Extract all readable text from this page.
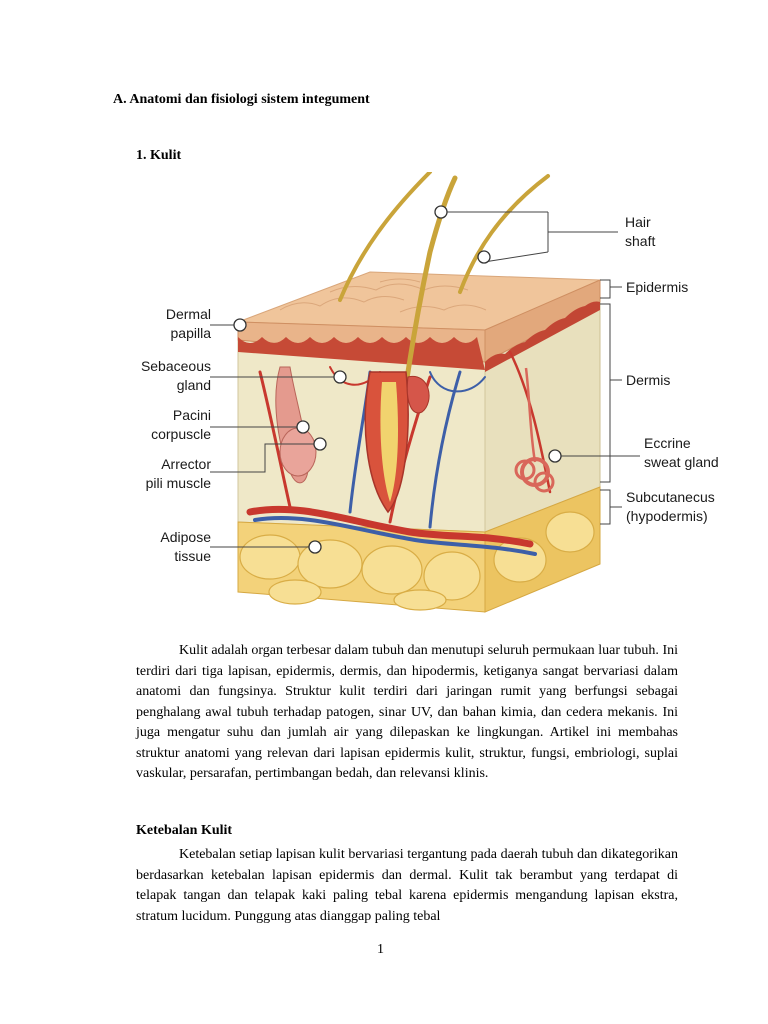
A. Anatomi dan fisiologi sistem integument
1. Kulit
Hair
shaft
Epidermis
Dermis
Eccrine
sweat gland
Subcutanecus
(hypodermis)
Dermal
papilla
Sebaceous
gland
Pacini
corpuscle
Arrector
pili muscle
Adipose
tissue

Kulit adalah organ terbesar dalam tubuh dan menutupi seluruh permukaan luar tubuh. Ini terdiri dari tiga lapisan, epidermis, dermis, dan hipodermis, ketiganya sangat bervariasi dalam anatomi dan fungsinya. Struktur kulit terdiri dari jaringan rumit yang berfungsi sebagai penghalang awal tubuh terhadap patogen, sinar UV, dan bahan kimia, dan cedera mekanis. Ini juga mengatur suhu dan jumlah air yang dilepaskan ke lingkungan. Artikel ini membahas struktur anatomi yang relevan dari lapisan epidermis kulit, struktur, fungsi, embriologi, suplai vaskular, persarafan, pertimbangan bedah, dan relevansi klinis.

Ketebalan Kulit

Ketebalan setiap lapisan kulit bervariasi tergantung pada daerah tubuh dan dikategorikan berdasarkan ketebalan lapisan epidermis dan dermal. Kulit tak berambut yang terdapat di telapak tangan dan telapak kaki paling tebal karena epidermis mengandung lapisan ekstra, stratum lucidum. Punggung atas dianggap paling tebal

1
